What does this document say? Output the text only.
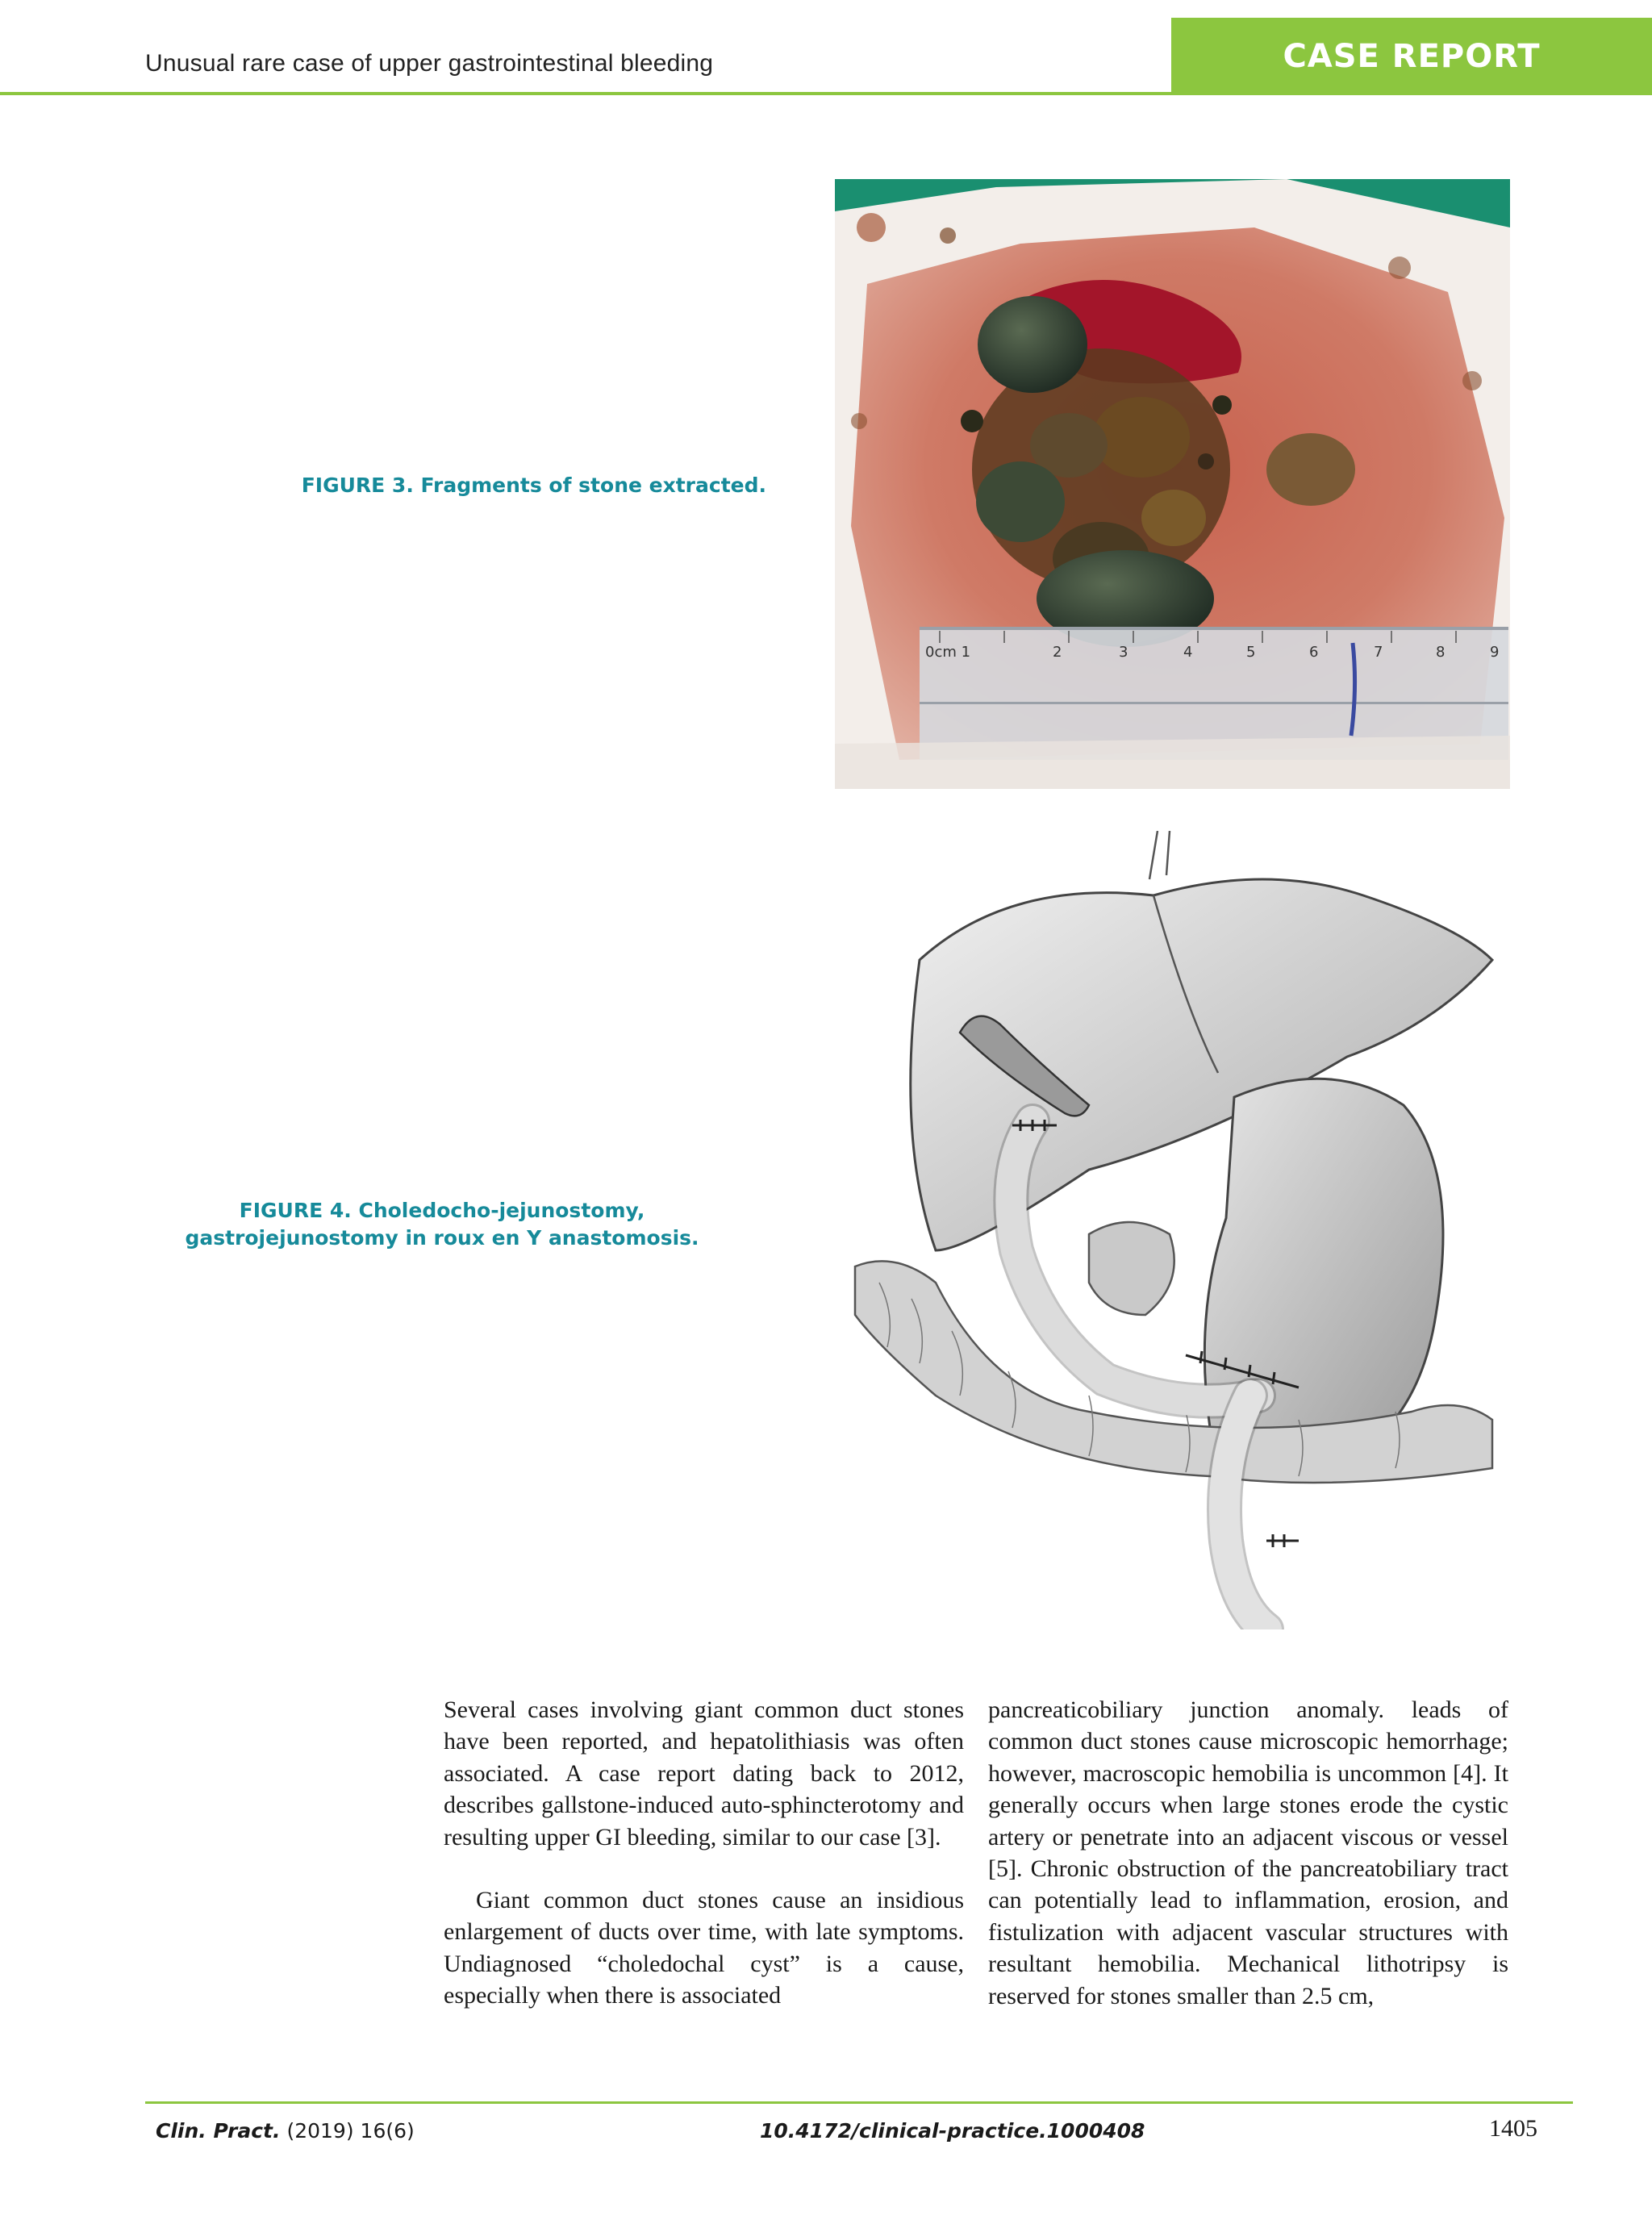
Unusual rare case of upper gastrointestinal bleeding	CASE REPORT
FIGURE 3. Fragments of stone extracted.
0cm 1	2	3	4	5	6	7	8	9
FIGURE 4. Choledocho-jejunostomy,
gastrojejunostomy in roux en Y anastomosis.

Several cases involving giant common duct stones have been reported, and hepatolithiasis was often associated. A case report dating back to 2012, describes gallstone-induced auto-sphincterotomy and resulting upper GI bleeding, similar to our case [3].

Giant common duct stones cause an insidious enlargement of ducts over time, with late symptoms. Undiagnosed “choledochal cyst” is a cause, especially when there is associated

pancreaticobiliary junction anomaly. leads of common duct stones cause microscopic hemorrhage; however, macroscopic hemobilia is uncommon [4]. It generally occurs when large stones erode the cystic artery or penetrate into an adjacent viscous or vessel [5]. Chronic obstruction of the pancreatobiliary tract can potentially lead to inflammation, erosion, and fistulization with adjacent vascular structures with resultant hemobilia. Mechanical lithotripsy is reserved for stones smaller than 2.5 cm,

Clin. Pract. (2019) 16(6)	10.4172/clinical-practice.1000408	1405
